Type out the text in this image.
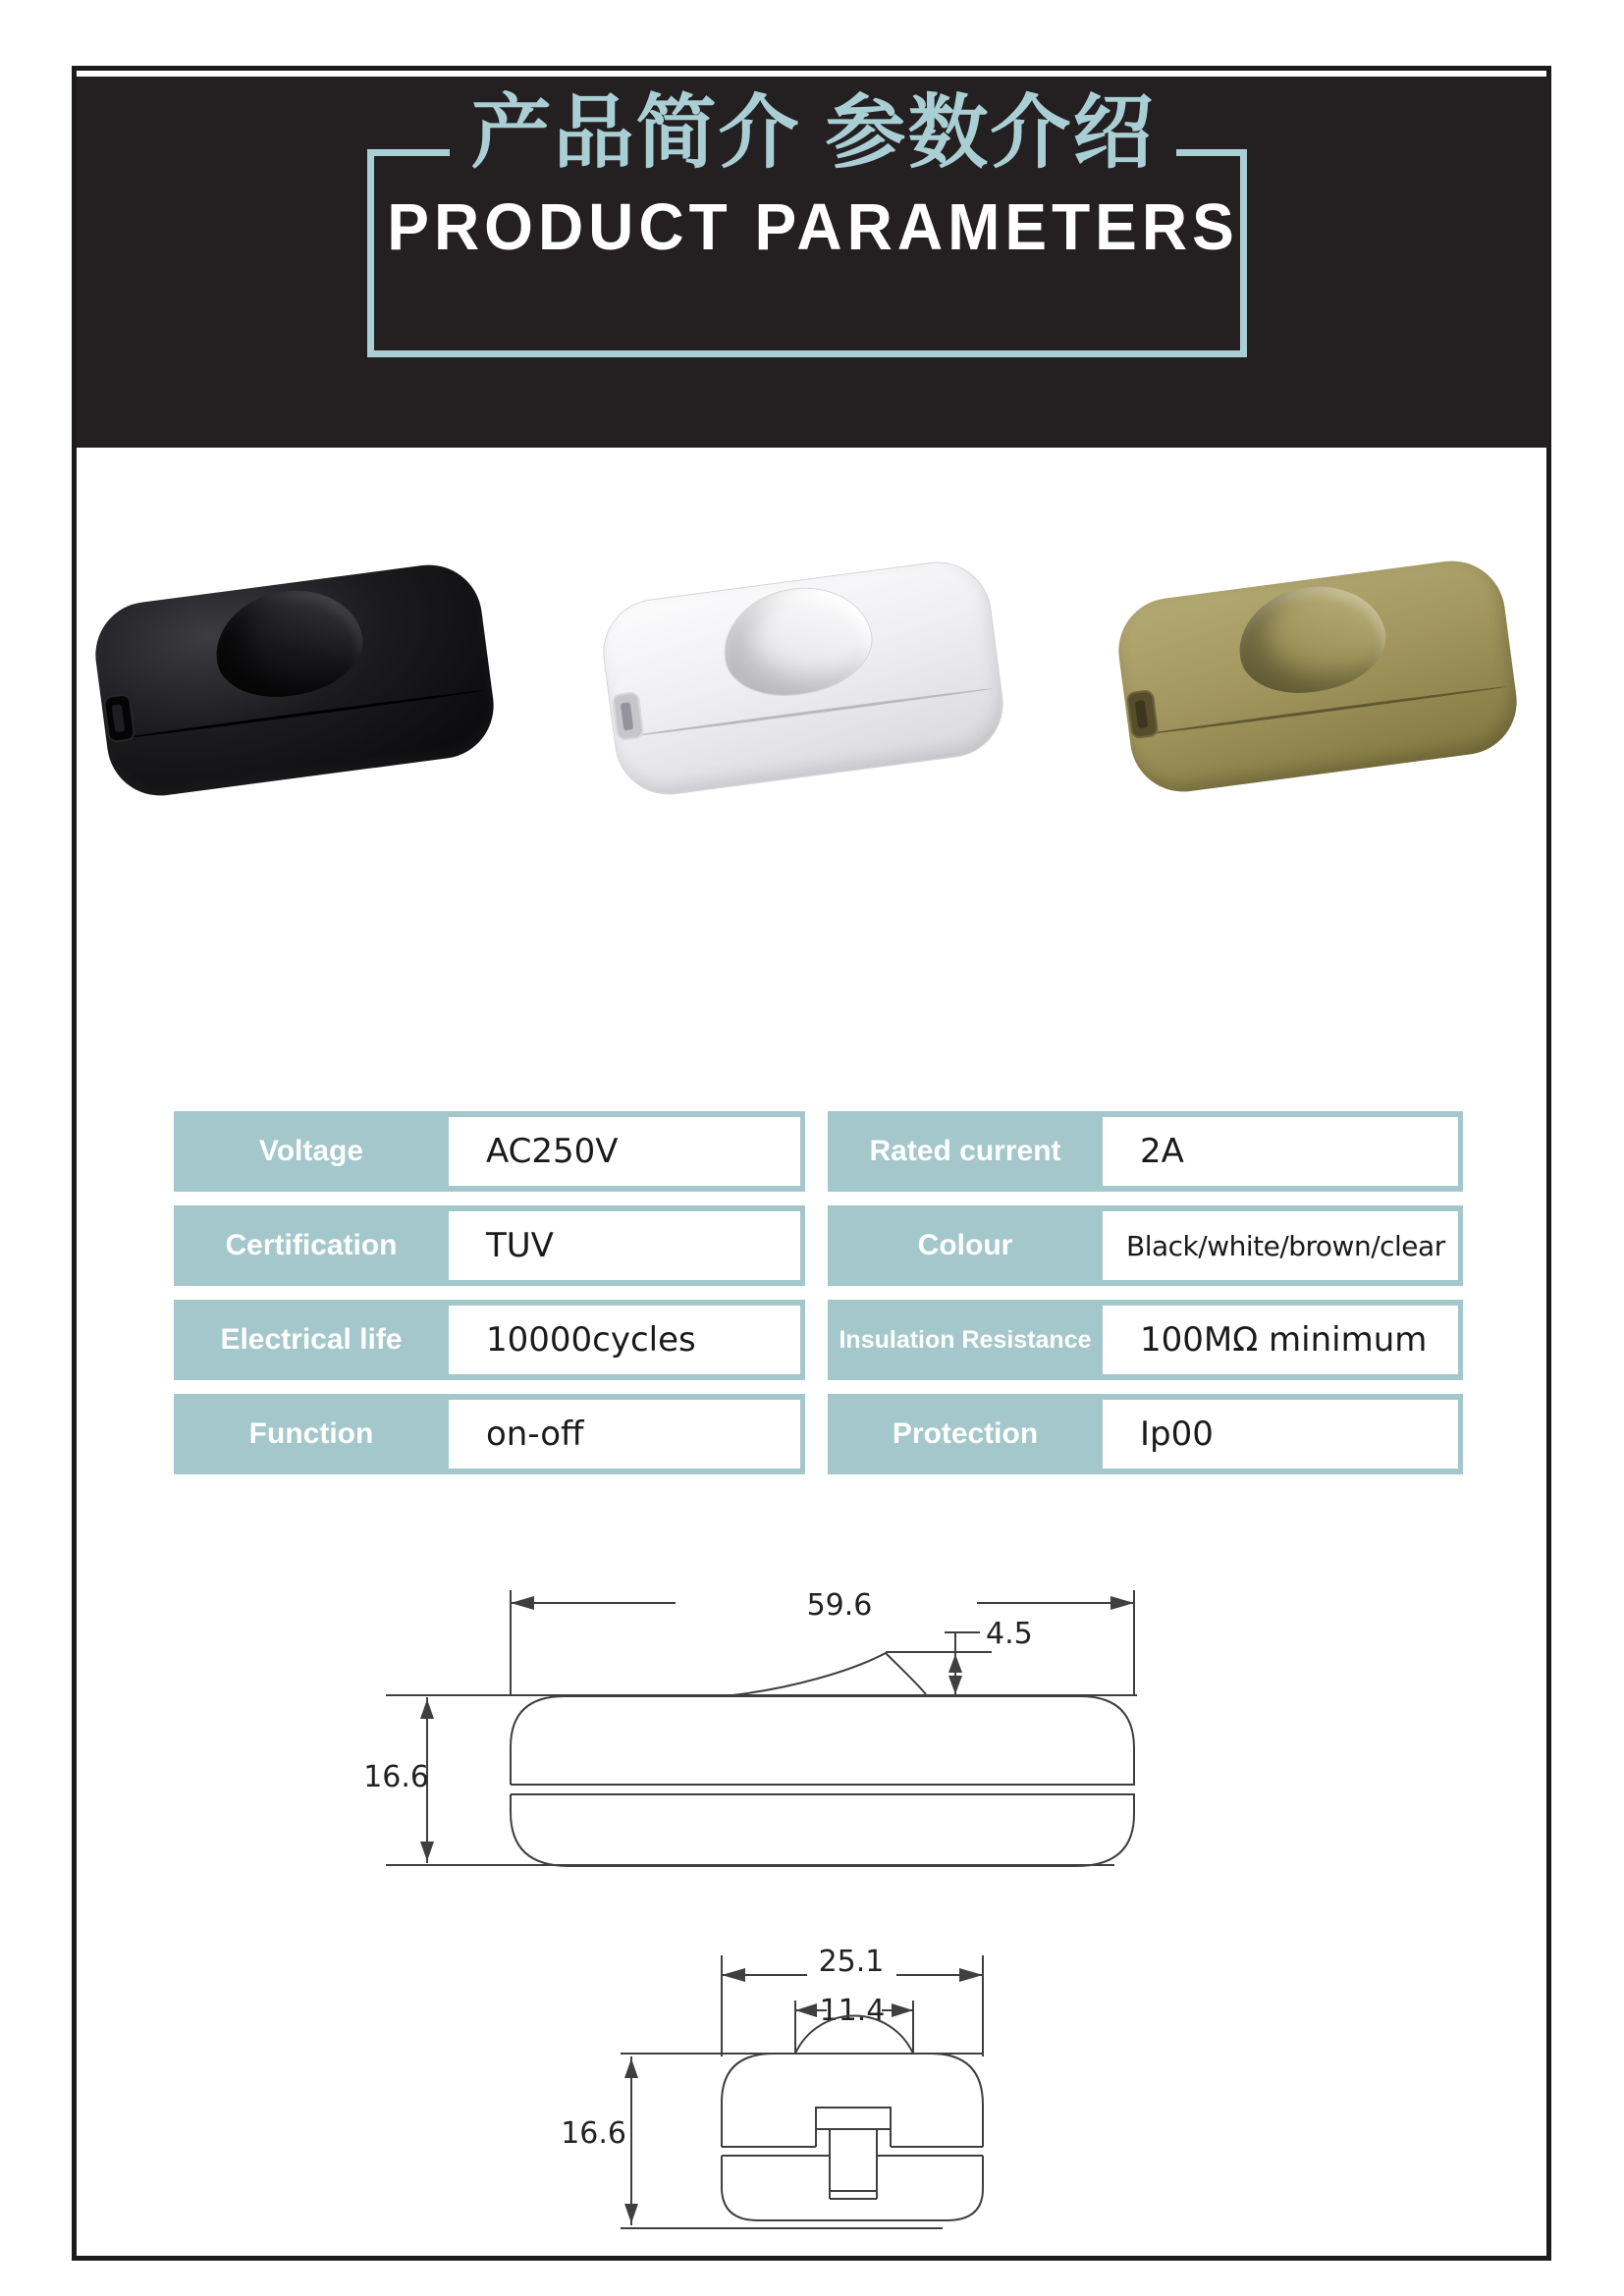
产品简介 参数介绍
PRODUCT PARAMETERS
Voltage	AC250V
Certification	TUV
Electrical life	10000cycles
Function	on-off
Rated current	2A
Colour	Black/white/brown/clear
Insulation Resistance	100MΩ minimum
Protection	Ip00
59.6
4.5
16.6
25.1
11.4
16.6
